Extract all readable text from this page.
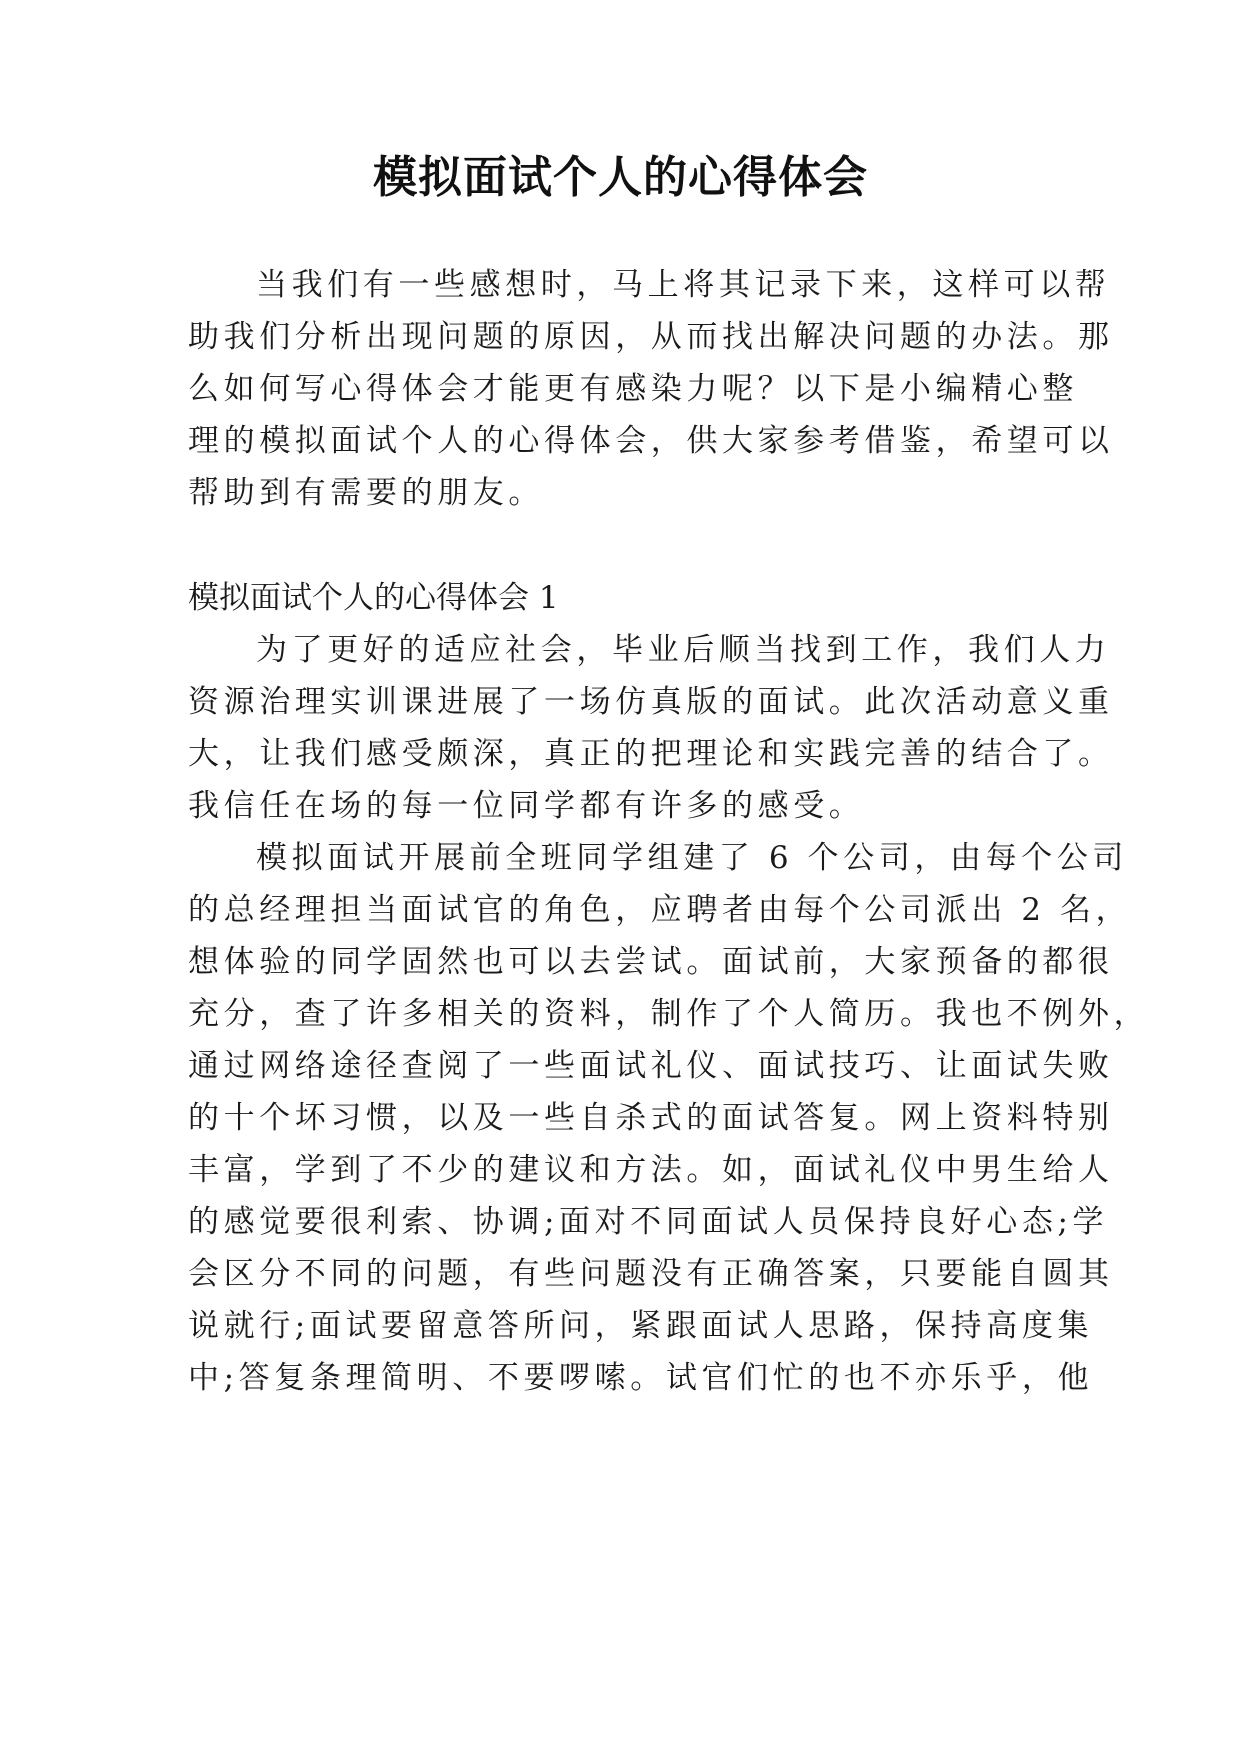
模拟面试个人的心得体会
当我们有一些感想时，马上将其记录下来，这样可以帮
助我们分析出现问题的原因，从而找出解决问题的办法。那
么如何写心得体会才能更有感染力呢？以下是小编精心整
理的模拟面试个人的心得体会，供大家参考借鉴，希望可以
帮助到有需要的朋友。
模拟面试个人的心得体会 1
为了更好的适应社会，毕业后顺当找到工作，我们人力
资源治理实训课进展了一场仿真版的面试。此次活动意义重
大，让我们感受颇深，真正的把理论和实践完善的结合了。
我信任在场的每一位同学都有许多的感受。
模拟面试开展前全班同学组建了 6 个公司，由每个公司
的总经理担当面试官的角色，应聘者由每个公司派出 2 名，
想体验的同学固然也可以去尝试。面试前，大家预备的都很
充分，查了许多相关的资料，制作了个人简历。我也不例外，
通过网络途径查阅了一些面试礼仪、面试技巧、让面试失败
的十个坏习惯，以及一些自杀式的面试答复。网上资料特别
丰富，学到了不少的建议和方法。如，面试礼仪中男生给人
的感觉要很利索、协调;面对不同面试人员保持良好心态;学
会区分不同的问题，有些问题没有正确答案，只要能自圆其
说就行;面试要留意答所问，紧跟面试人思路，保持高度集
中;答复条理简明、不要啰嗦。试官们忙的也不亦乐乎，他
